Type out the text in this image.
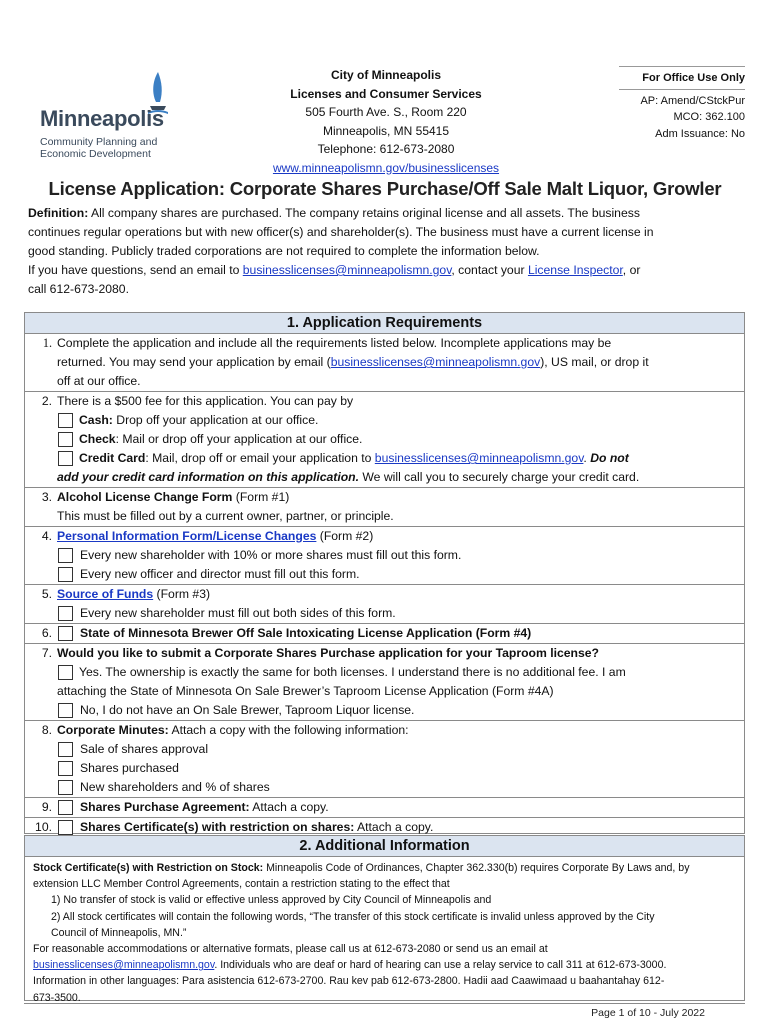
Minneapolis
Community Planning and
Economic Development
City of Minneapolis
Licenses and Consumer Services
505 Fourth Ave. S., Room 220
Minneapolis, MN 55415
Telephone: 612-673-2080
www.minneapolismn.gov/businesslicenses
For Office Use Only
AP: Amend/CStckPur
MCO: 362.100
Adm Issuance: No
License Application: Corporate Shares Purchase/Off Sale Malt Liquor, Growler
Definition: All company shares are purchased. The company retains original license and all assets. The business
continues regular operations but with new officer(s) and shareholder(s). The business must have a current license in
good standing. Publicly traded corporations are not required to complete the information below.
If you have questions, send an email to businesslicenses@minneapolismn.gov, contact your License Inspector, or
call 612-673-2080.
1. Application Requirements
1. Complete the application and include all the requirements listed below. Incomplete applications may be
returned. You may send your application by email (businesslicenses@minneapolismn.gov), US mail, or drop it
off at our office.
2. There is a $500 fee for this application. You can pay by
Cash: Drop off your application at our office.
Check: Mail or drop off your application at our office.
Credit Card: Mail, drop off or email your application to businesslicenses@minneapolismn.gov. Do not
add your credit card information on this application. We will call you to securely charge your credit card.
3. Alcohol License Change Form (Form #1)
This must be filled out by a current owner, partner, or principle.
4. Personal Information Form/License Changes (Form #2)
Every new shareholder with 10% or more shares must fill out this form.
Every new officer and director must fill out this form.
5. Source of Funds (Form #3)
Every new shareholder must fill out both sides of this form.
6. State of Minnesota Brewer Off Sale Intoxicating License Application (Form #4)
7. Would you like to submit a Corporate Shares Purchase application for your Taproom license?
Yes. The ownership is exactly the same for both licenses. I understand there is no additional fee. I am
attaching the State of Minnesota On Sale Brewer’s Taproom License Application (Form #4A)
No, I do not have an On Sale Brewer, Taproom Liquor license.
8. Corporate Minutes: Attach a copy with the following information:
Sale of shares approval
Shares purchased
New shareholders and % of shares
9. Shares Purchase Agreement: Attach a copy.
10. Shares Certificate(s) with restriction on shares: Attach a copy.
2. Additional Information
Stock Certificate(s) with Restriction on Stock: Minneapolis Code of Ordinances, Chapter 362.330(b) requires Corporate By Laws and, by
extension LLC Member Control Agreements, contain a restriction stating to the effect that
1) No transfer of stock is valid or effective unless approved by City Council of Minneapolis and
2) All stock certificates will contain the following words, “The transfer of this stock certificate is invalid unless approved by the City
Council of Minneapolis, MN.”
For reasonable accommodations or alternative formats, please call us at 612-673-2080 or send us an email at
businesslicenses@minneapolismn.gov. Individuals who are deaf or hard of hearing can use a relay service to call 311 at 612-673-3000.
Information in other languages: Para asistencia 612-673-2700. Rau kev pab 612-673-2800. Hadii aad Caawimaad u baahantahay 612-
673-3500.
Page 1 of 10 - July 2022
